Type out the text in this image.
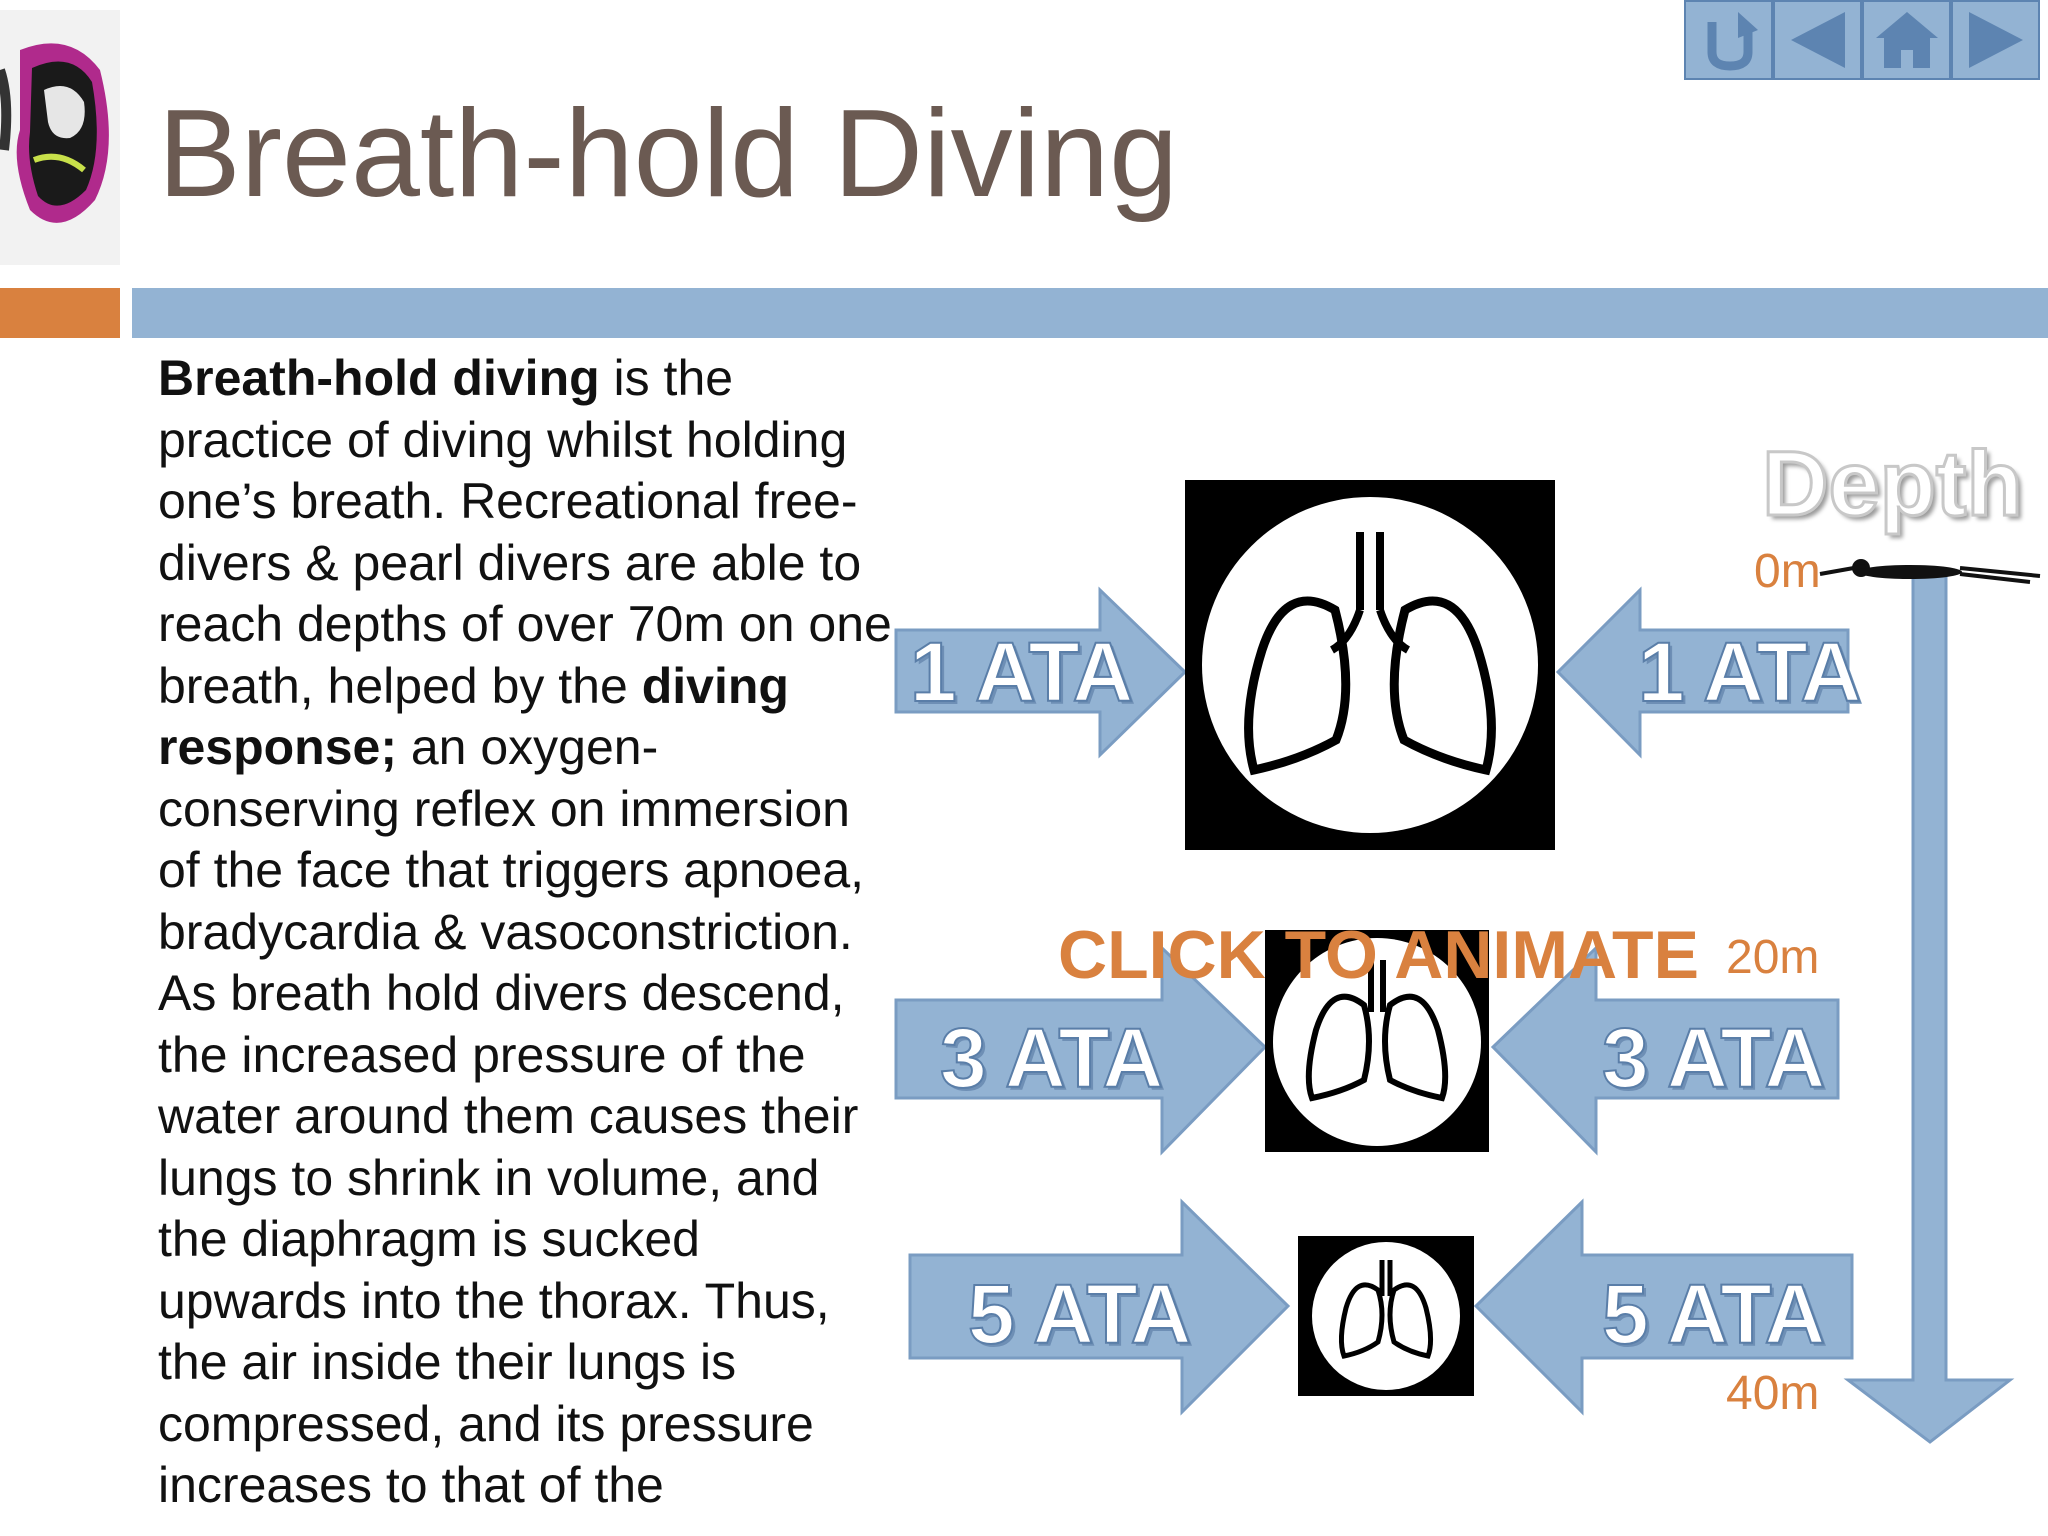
Breath-hold Diving

Breath-hold diving is the practice of diving whilst holding one’s breath. Recreational free-divers & pearl divers are able to reach depths of over 70m on one breath, helped by the diving response; an oxygen-conserving reflex on immersion of the face that triggers apnoea, bradycardia & vasoconstriction. As breath hold divers descend, the increased pressure of the water around them causes their lungs to shrink in volume, and the diaphragm is sucked upwards into the thorax. Thus, the air inside their lungs is compressed, and its pressure increases to that of the

1 ATA	1 ATA
3 ATA	3 ATA
5 ATA	5 ATA
Depth
0m
20m
40m
CLICK TO ANIMATE
